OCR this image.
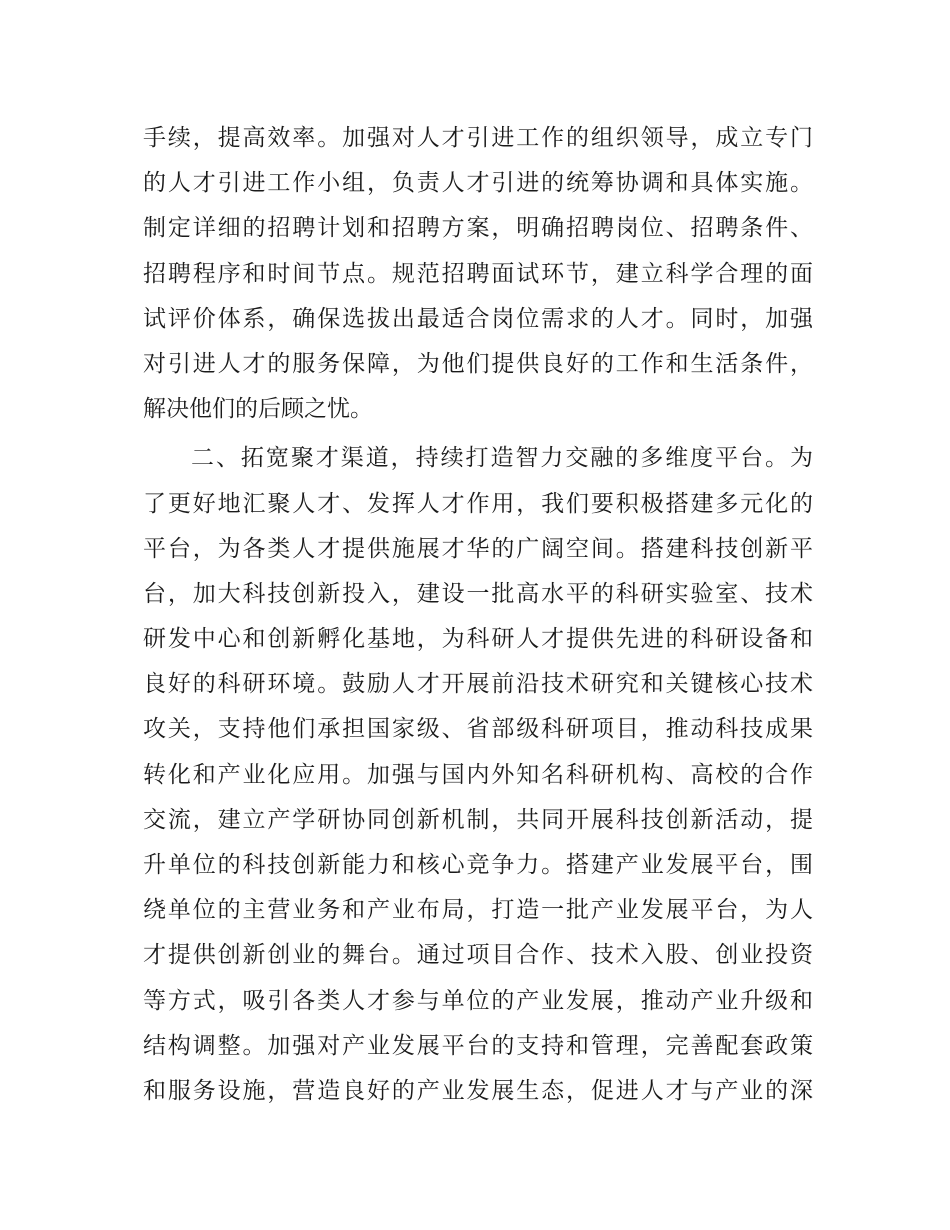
手续，提高效率。加强对人才引进工作的组织领导，成立专门
的人才引进工作小组，负责人才引进的统筹协调和具体实施。
制定详细的招聘计划和招聘方案，明确招聘岗位、招聘条件、
招聘程序和时间节点。规范招聘面试环节，建立科学合理的面
试评价体系，确保选拔出最适合岗位需求的人才。同时，加强
对引进人才的服务保障，为他们提供良好的工作和生活条件，
解决他们的后顾之忧。
二、拓宽聚才渠道，持续打造智力交融的多维度平台。为
了更好地汇聚人才、发挥人才作用，我们要积极搭建多元化的
平台，为各类人才提供施展才华的广阔空间。搭建科技创新平
台，加大科技创新投入，建设一批高水平的科研实验室、技术
研发中心和创新孵化基地，为科研人才提供先进的科研设备和
良好的科研环境。鼓励人才开展前沿技术研究和关键核心技术
攻关，支持他们承担国家级、省部级科研项目，推动科技成果
转化和产业化应用。加强与国内外知名科研机构、高校的合作
交流，建立产学研协同创新机制，共同开展科技创新活动，提
升单位的科技创新能力和核心竞争力。搭建产业发展平台，围
绕单位的主营业务和产业布局，打造一批产业发展平台，为人
才提供创新创业的舞台。通过项目合作、技术入股、创业投资
等方式，吸引各类人才参与单位的产业发展，推动产业升级和
结构调整。加强对产业发展平台的支持和管理，完善配套政策
和服务设施，营造良好的产业发展生态，促进人才与产业的深
